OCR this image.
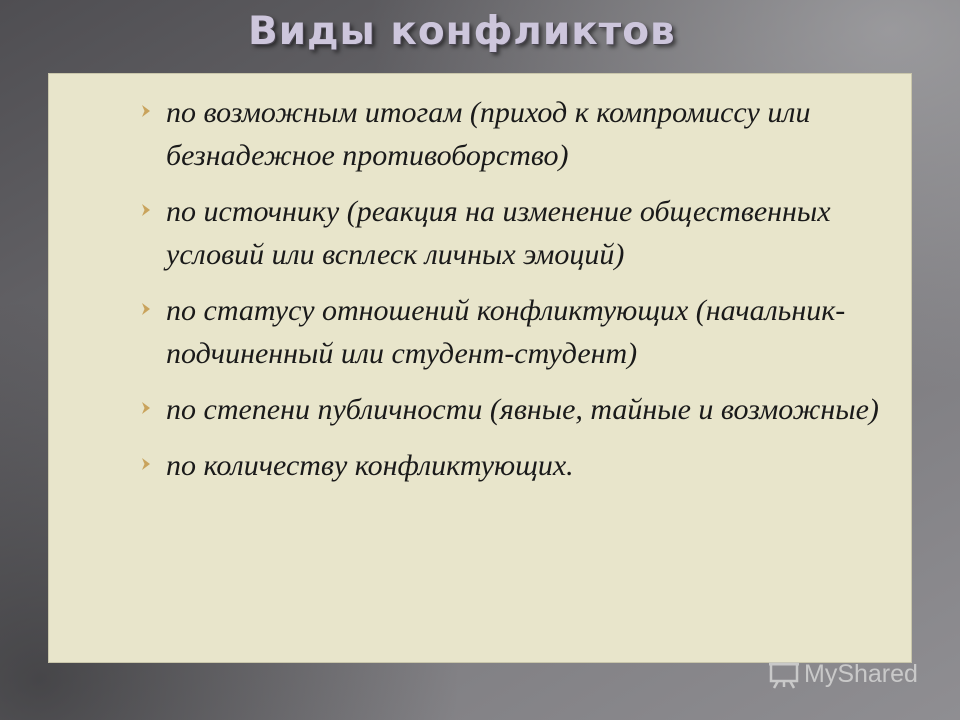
Виды конфликтов
по возможным итогам (приход к компромиссу или безнадежное противоборство)
по источнику (реакция на изменение общественных условий или всплеск личных эмоций)
по статусу отношений конфликтующих (начальник-подчиненный или студент-студент)
по степени публичности (явные, тайные и возможные)
по количеству конфликтующих.
MyShared
